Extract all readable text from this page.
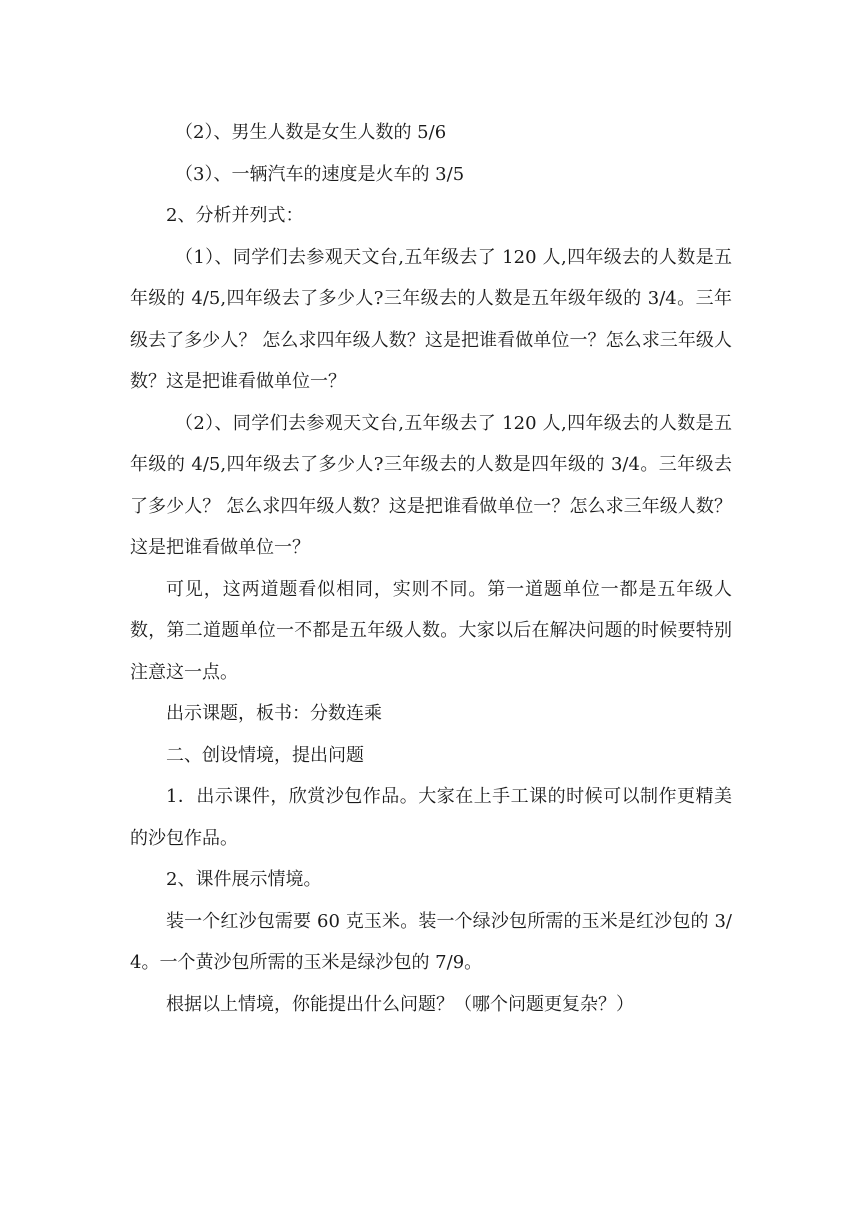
（2）、男生人数是女生人数的 5/6

（3）、一辆汽车的速度是火车的 3/5

2、分析并列式：

（1）、同学们去参观天文台,五年级去了 120 人,四年级去的人数是五年级的 4/5,四年级去了多少人?三年级去的人数是五年级年级的 3/4。三年级去了多少人？ 怎么求四年级人数？这是把谁看做单位一？怎么求三年级人数？这是把谁看做单位一？

（2）、同学们去参观天文台,五年级去了 120 人,四年级去的人数是五年级的 4/5,四年级去了多少人?三年级去的人数是四年级的 3/4。三年级去了多少人？ 怎么求四年级人数？这是把谁看做单位一？怎么求三年级人数？这是把谁看做单位一？

可见，这两道题看似相同，实则不同。第一道题单位一都是五年级人数，第二道题单位一不都是五年级人数。大家以后在解决问题的时候要特别注意这一点。

出示课题，板书：分数连乘

二、创设情境，提出问题

1．出示课件，欣赏沙包作品。大家在上手工课的时候可以制作更精美的沙包作品。

2、课件展示情境。

装一个红沙包需要 60 克玉米。装一个绿沙包所需的玉米是红沙包的 3/4。一个黄沙包所需的玉米是绿沙包的 7/9。

根据以上情境，你能提出什么问题？（哪个问题更复杂？）
